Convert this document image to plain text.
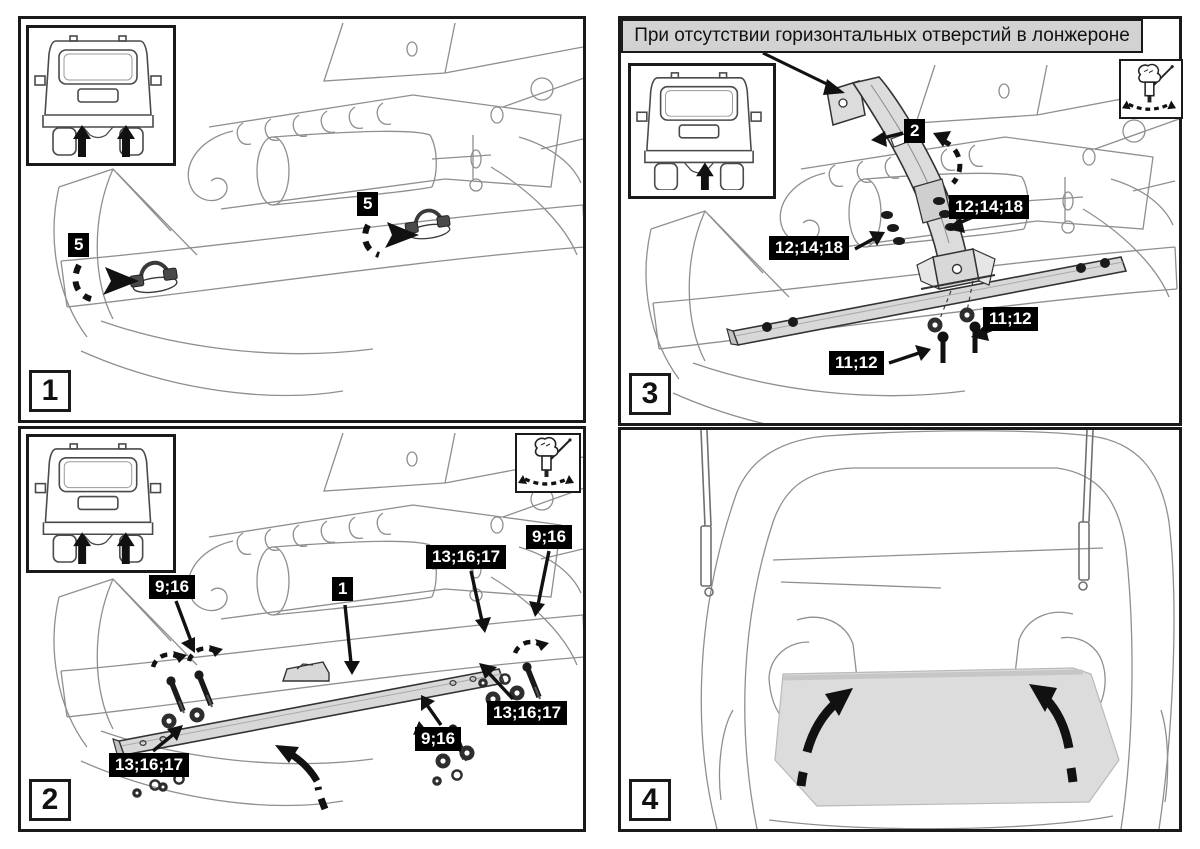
5
5
1
9;16	1
9;16
13;16;17
13;16;17
9;16
13;16;17
2
При отсутствии горизонтальных отверстий в лонжероне
2
12;14;18
12;14;18
11;12
11;12
3
4
